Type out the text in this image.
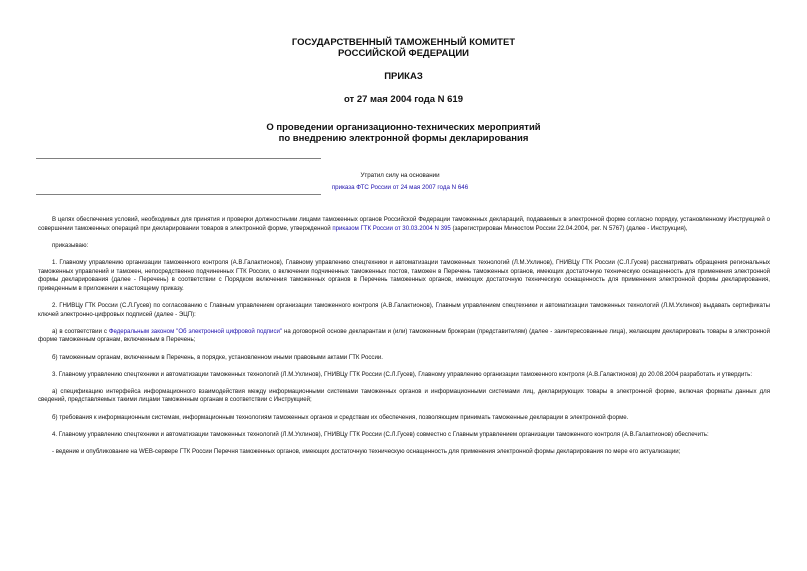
ГОСУДАРСТВЕННЫЙ ТАМОЖЕННЫЙ КОМИТЕТ
РОССИЙСКОЙ ФЕДЕРАЦИИ
ПРИКАЗ
от 27 мая 2004 года N 619
О проведении организационно-технических мероприятий
по внедрению электронной формы декларирования
Утратил силу на основании
приказа ФТС России от 24 мая 2007 года N 646

В целях обеспечения условий, необходимых для принятия и проверки должностными лицами таможенных органов Российской Федерации таможенных деклараций, подаваемых в электронной форме согласно порядку, установленному Инструкцией о совершении таможенных операций при декларировании товаров в электронной форме, утвержденной приказом ГТК России от 30.03.2004 N 395 (зарегистрирован Минюстом России 22.04.2004, рег. N 5767) (далее - Инструкция),

приказываю:

1. Главному управлению организации таможенного контроля (А.В.Галактионов), Главному управлению спецтехники и автоматизации таможенных технологий (Л.М.Ухлинов), ГНИВЦу ГТК России (С.Л.Гусев) рассматривать обращения региональных таможенных управлений и таможен, непосредственно подчиненных ГТК России, о включении подчиненных таможенных постов, таможен в Перечень таможенных органов, имеющих достаточную техническую оснащенность для применения электронной формы декларирования (далее - Перечень) в соответствии с Порядком включения таможенных органов в Перечень таможенных органов, имеющих достаточную техническую оснащенность для применения электронной формы декларирования, приведенным в приложении к настоящему приказу.

2. ГНИВЦу ГТК России (С.Л.Гусев) по согласованию с Главным управлением организации таможенного контроля (А.В.Галактионов), Главным управлением спецтехники и автоматизации таможенных технологий (Л.М.Ухлинов) выдавать сертификаты ключей электронно-цифровых подписей (далее - ЭЦП):

а) в соответствии с Федеральным законом "Об электронной цифровой подписи" на договорной основе декларантам и (или) таможенным брокерам (представителям) (далее - заинтересованные лица), желающим декларировать товары в электронной форме таможенным органам, включенным в Перечень;

б) таможенным органам, включенным в Перечень, в порядке, установленном иными правовыми актами ГТК России.

3. Главному управлению спецтехники и автоматизации таможенных технологий (Л.М.Ухлинов), ГНИВЦу ГТК России (С.Л.Гусев), Главному управлению организации таможенного контроля (А.В.Галактионов) до 20.08.2004 разработать и утвердить:

а) спецификацию интерфейса информационного взаимодействия между информационными системами таможенных органов и информационными системами лиц, декларирующих товары в электронной форме, включая форматы данных для сведений, представляемых такими лицами таможенным органам в соответствии с Инструкцией;

б) требования к информационным системам, информационным технологиям таможенных органов и средствам их обеспечения, позволяющим принимать таможенные декларации в электронной форме.

4. Главному управлению спецтехники и автоматизации таможенных технологий (Л.М.Ухлинов), ГНИВЦу ГТК России (С.Л.Гусев) совместно с Главным управлением организации таможенного контроля (А.В.Галактионов) обеспечить:

- ведение и опубликование на WEB-сервере ГТК России Перечня таможенных органов, имеющих достаточную техническую оснащенность для применения электронной формы декларирования по мере его актуализации;
